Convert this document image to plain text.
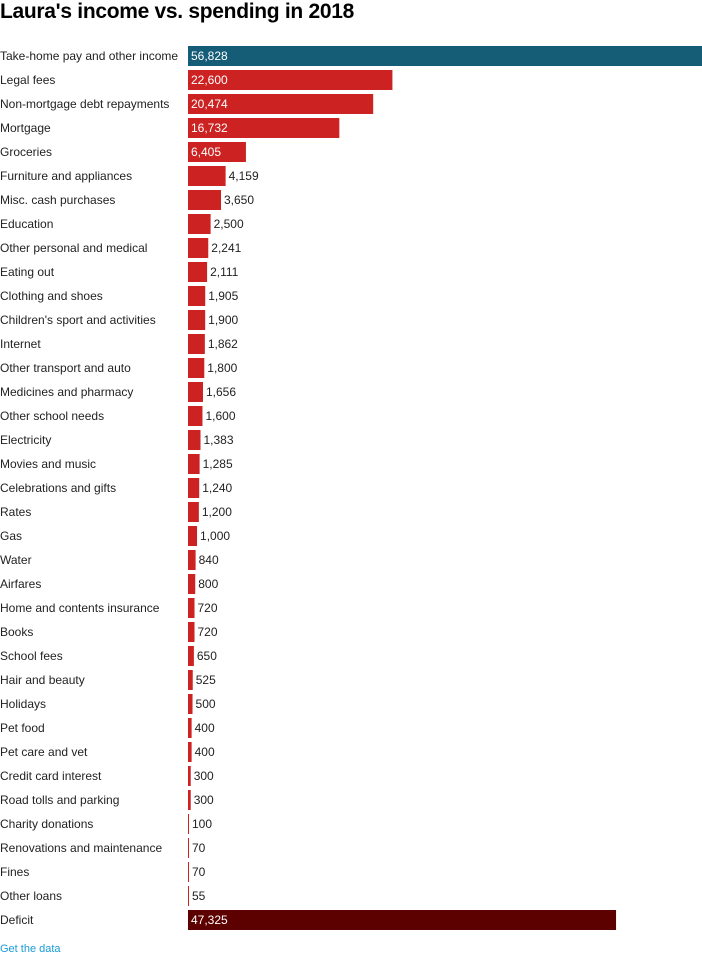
Laura's income vs. spending in 2018
Take-home pay and other income 56,828
Legal fees	22,600
Non-mortgage debt repayments 20,474
Mortgage	16,732
Groceries	6,405
Furniture and appliances	4,159
Misc. cash purchases	3,650
Education	2,500
Other personal and medical	2,241
Eating out	2,111
Clothing and shoes	1,905
Children's sport and activities	1,900
Internet	1,862
Other transport and auto	1,800
Medicines and pharmacy	1,656
Other school needs	1,600
Electricity	1,383
Movies and music	1,285
Celebrations and gifts	1,240
Rates	1,200
Gas	1,000
Water	840
Airfares	800
Home and contents insurance	720
Books	720
School fees	650
Hair and beauty	525
Holidays	500
Pet food	400
Pet care and vet	400
Credit card interest	300
Road tolls and parking	300
Charity donations	100
Renovations and maintenance 70
Fines	70
Other loans	55
Deficit	47,325
Get the data
